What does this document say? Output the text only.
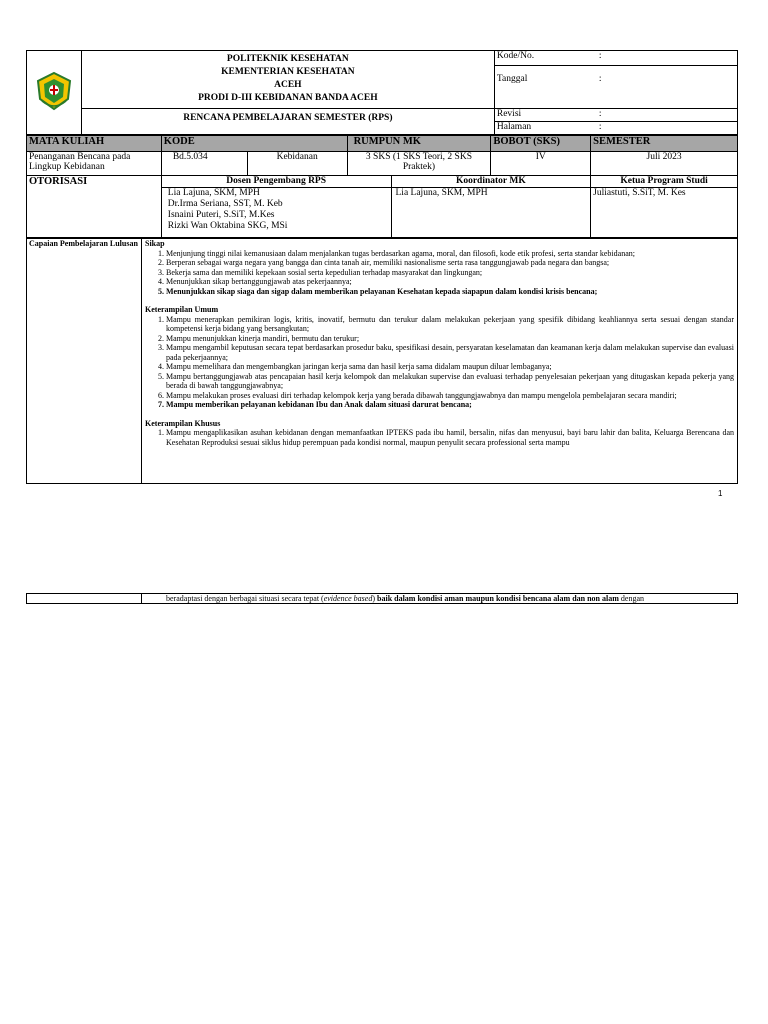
POLITEKNIK KESEHATAN
KEMENTERIAN KESEHATAN
ACEH
PRODI D-III KEBIDANAN BANDA ACEH

Kode/No.	:
Tanggal	:

RENCANA PEMBELAJARAN SEMESTER (RPS)		Revisi	:
Halaman	:
MATA KULIAH	KODE		RUMPUN MK		BOBOT (SKS)	SEMESTER
Penanganan Bencana pada Lingkup Kebidanan	Bd.5.034	Kebidanan	3 SKS (1 SKS Teori, 2 SKS Praktek)		IV	Juli 2023
OTORISASI	Dosen Pengembang RPS			Koordinator MK		Ketua Program Studi

	Lia Lajuna, SKM, MPH
Dr.Irma Seriana, SST, M. Keb
Isnaini Puteri, S.SiT, M.Kes
Rizki Wan Oktabina SKG, MSi			Lia Lajuna, SKM, MPH		Juliastuti, S.SiT, M. Kes
Capaian Pembelajaran Lulusan	Sikap
1. Menjunjung tinggi nilai kemanusiaan dalam menjalankan tugas berdasarkan agama, moral, dan filosofi, kode etik profesi, serta standar kebidanan;
2. Berperan sebagai warga negara yang bangga dan cinta tanah air, memiliki nasionalisme serta rasa tanggungjawab pada negara dan bangsa;
3. Bekerja sama dan memiliki kepekaan sosial serta kepedulian terhadap masyarakat dan lingkungan;
4. Menunjukkan sikap bertanggungjawab atas pekerjaannya;
5. Menunjukkan sikap siaga dan sigap dalam memberikan pelayanan Kesehatan kepada siapapun dalam kondisi krisis bencana;
Keterampilan Umum
1. Mampu menerapkan pemikiran logis, kritis, inovatif, bermutu dan terukur dalam melakukan pekerjaan yang spesifik dibidang keahliannya serta sesuai dengan standar kompetensi kerja bidang yang bersangkutan;
2. Mampu menunjukkan kinerja mandiri, bermutu dan terukur;
3. Mampu mengambil keputusan secara tepat berdasarkan prosedur baku, spesifikasi desain, persyaratan keselamatan dan keamanan kerja dalam melakukan supervise dan evaluasi pada pekerjaannya;
4. Mampu memelihara dan mengembangkan jaringan kerja sama dan hasil kerja sama didalam maupun diluar lembaganya;
5. Mampu bertanggungjawab atas pencapaian hasil kerja kelompok dan melakukan supervise dan evaluasi terhadap penyelesaian pekerjaan yang ditugaskan kepada pekerja yang berada di bawah tanggungjawabnya;
6. Mampu melakukan proses evaluasi diri terhadap kelompok kerja yang berada dibawah tanggungjawabnya dan mampu mengelola pembelajaran secara mandiri;
7. Mampu memberikan pelayanan kebidanan Ibu dan Anak dalam situasi darurat bencana;
Keterampilan Khusus
1. Mampu mengaplikasikan asuhan kebidanan dengan memanfaatkan IPTEKS pada ibu hamil, bersalin, nifas dan menyusui, bayi baru lahir dan balita, Keluarga Berencana dan Kesehatan Reproduksi sesuai siklus hidup perempuan pada kondisi normal, maupun penyulit secara professional serta mampu
1
	beradaptasi dengan berbagai situasi secara tepat (evidence based) baik dalam kondisi aman maupun kondisi bencana alam dan non alam dengan
